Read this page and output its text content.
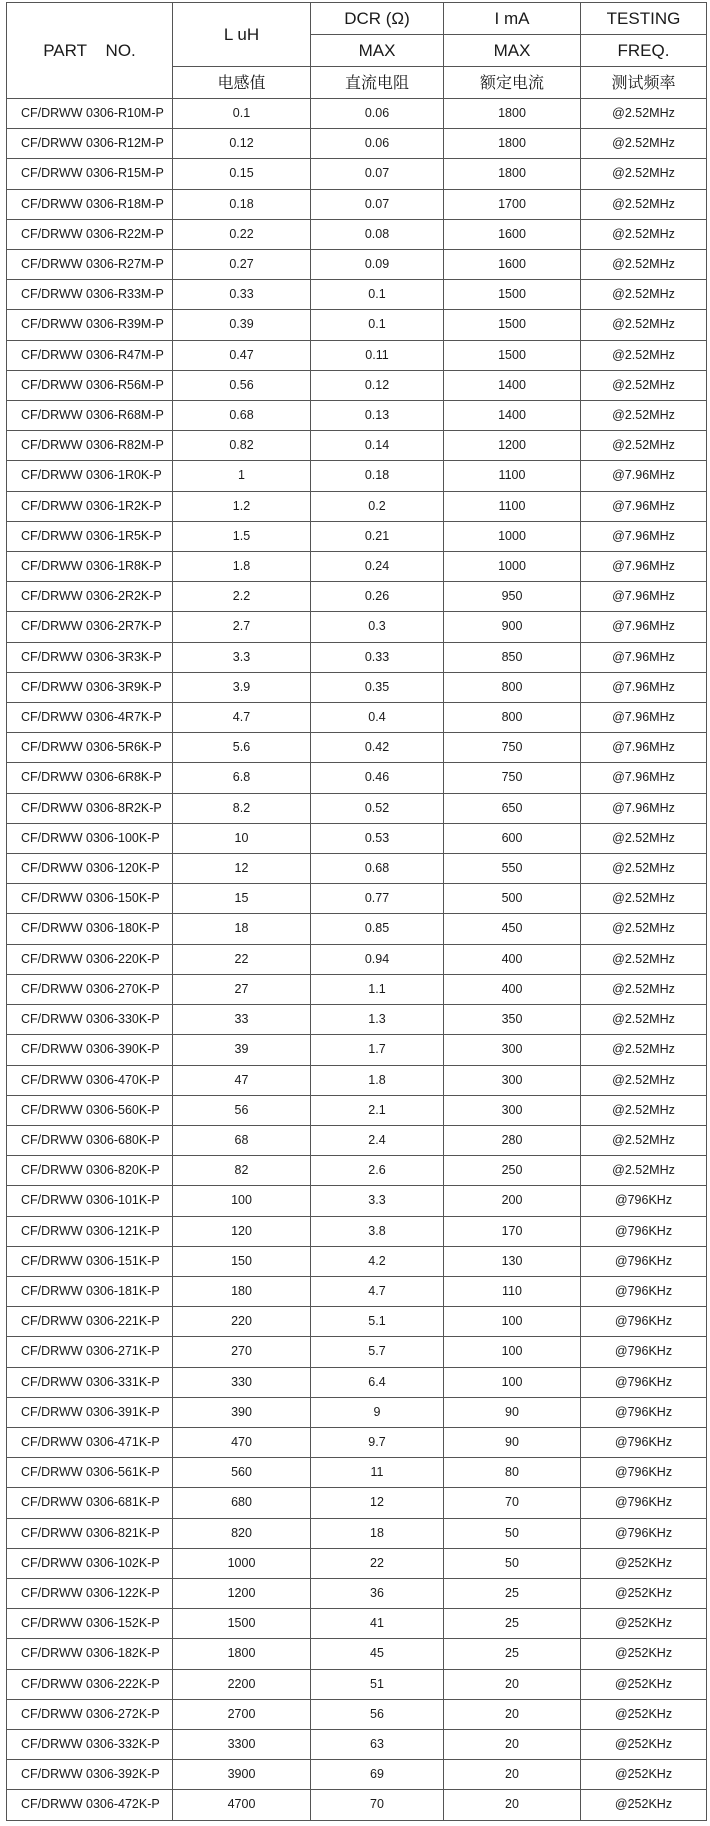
PART    NO.	L uH	DCR (Ω)	I mA	TESTING
		MAX	MAX	FREQ.
	电感值	直流电阻	额定电流	测试频率
CF/DRWW 0306-R10M-P	0.1	0.06	1800	@2.52MHz
CF/DRWW 0306-R12M-P	0.12	0.06	1800	@2.52MHz
CF/DRWW 0306-R15M-P	0.15	0.07	1800	@2.52MHz
CF/DRWW 0306-R18M-P	0.18	0.07	1700	@2.52MHz
CF/DRWW 0306-R22M-P	0.22	0.08	1600	@2.52MHz
CF/DRWW 0306-R27M-P	0.27	0.09	1600	@2.52MHz
CF/DRWW 0306-R33M-P	0.33	0.1	1500	@2.52MHz
CF/DRWW 0306-R39M-P	0.39	0.1	1500	@2.52MHz
CF/DRWW 0306-R47M-P	0.47	0.11	1500	@2.52MHz
CF/DRWW 0306-R56M-P	0.56	0.12	1400	@2.52MHz
CF/DRWW 0306-R68M-P	0.68	0.13	1400	@2.52MHz
CF/DRWW 0306-R82M-P	0.82	0.14	1200	@2.52MHz
CF/DRWW 0306-1R0K-P	1	0.18	1100	@7.96MHz
CF/DRWW 0306-1R2K-P	1.2	0.2	1100	@7.96MHz
CF/DRWW 0306-1R5K-P	1.5	0.21	1000	@7.96MHz
CF/DRWW 0306-1R8K-P	1.8	0.24	1000	@7.96MHz
CF/DRWW 0306-2R2K-P	2.2	0.26	950	@7.96MHz
CF/DRWW 0306-2R7K-P	2.7	0.3	900	@7.96MHz
CF/DRWW 0306-3R3K-P	3.3	0.33	850	@7.96MHz
CF/DRWW 0306-3R9K-P	3.9	0.35	800	@7.96MHz
CF/DRWW 0306-4R7K-P	4.7	0.4	800	@7.96MHz
CF/DRWW 0306-5R6K-P	5.6	0.42	750	@7.96MHz
CF/DRWW 0306-6R8K-P	6.8	0.46	750	@7.96MHz
CF/DRWW 0306-8R2K-P	8.2	0.52	650	@7.96MHz
CF/DRWW 0306-100K-P	10	0.53	600	@2.52MHz
CF/DRWW 0306-120K-P	12	0.68	550	@2.52MHz
CF/DRWW 0306-150K-P	15	0.77	500	@2.52MHz
CF/DRWW 0306-180K-P	18	0.85	450	@2.52MHz
CF/DRWW 0306-220K-P	22	0.94	400	@2.52MHz
CF/DRWW 0306-270K-P	27	1.1	400	@2.52MHz
CF/DRWW 0306-330K-P	33	1.3	350	@2.52MHz
CF/DRWW 0306-390K-P	39	1.7	300	@2.52MHz
CF/DRWW 0306-470K-P	47	1.8	300	@2.52MHz
CF/DRWW 0306-560K-P	56	2.1	300	@2.52MHz
CF/DRWW 0306-680K-P	68	2.4	280	@2.52MHz
CF/DRWW 0306-820K-P	82	2.6	250	@2.52MHz
CF/DRWW 0306-101K-P	100	3.3	200	@796KHz
CF/DRWW 0306-121K-P	120	3.8	170	@796KHz
CF/DRWW 0306-151K-P	150	4.2	130	@796KHz
CF/DRWW 0306-181K-P	180	4.7	110	@796KHz
CF/DRWW 0306-221K-P	220	5.1	100	@796KHz
CF/DRWW 0306-271K-P	270	5.7	100	@796KHz
CF/DRWW 0306-331K-P	330	6.4	100	@796KHz
CF/DRWW 0306-391K-P	390	9	90	@796KHz
CF/DRWW 0306-471K-P	470	9.7	90	@796KHz
CF/DRWW 0306-561K-P	560	11	80	@796KHz
CF/DRWW 0306-681K-P	680	12	70	@796KHz
CF/DRWW 0306-821K-P	820	18	50	@796KHz
CF/DRWW 0306-102K-P	1000	22	50	@252KHz
CF/DRWW 0306-122K-P	1200	36	25	@252KHz
CF/DRWW 0306-152K-P	1500	41	25	@252KHz
CF/DRWW 0306-182K-P	1800	45	25	@252KHz
CF/DRWW 0306-222K-P	2200	51	20	@252KHz
CF/DRWW 0306-272K-P	2700	56	20	@252KHz
CF/DRWW 0306-332K-P	3300	63	20	@252KHz
CF/DRWW 0306-392K-P	3900	69	20	@252KHz
CF/DRWW 0306-472K-P	4700	70	20	@252KHz
